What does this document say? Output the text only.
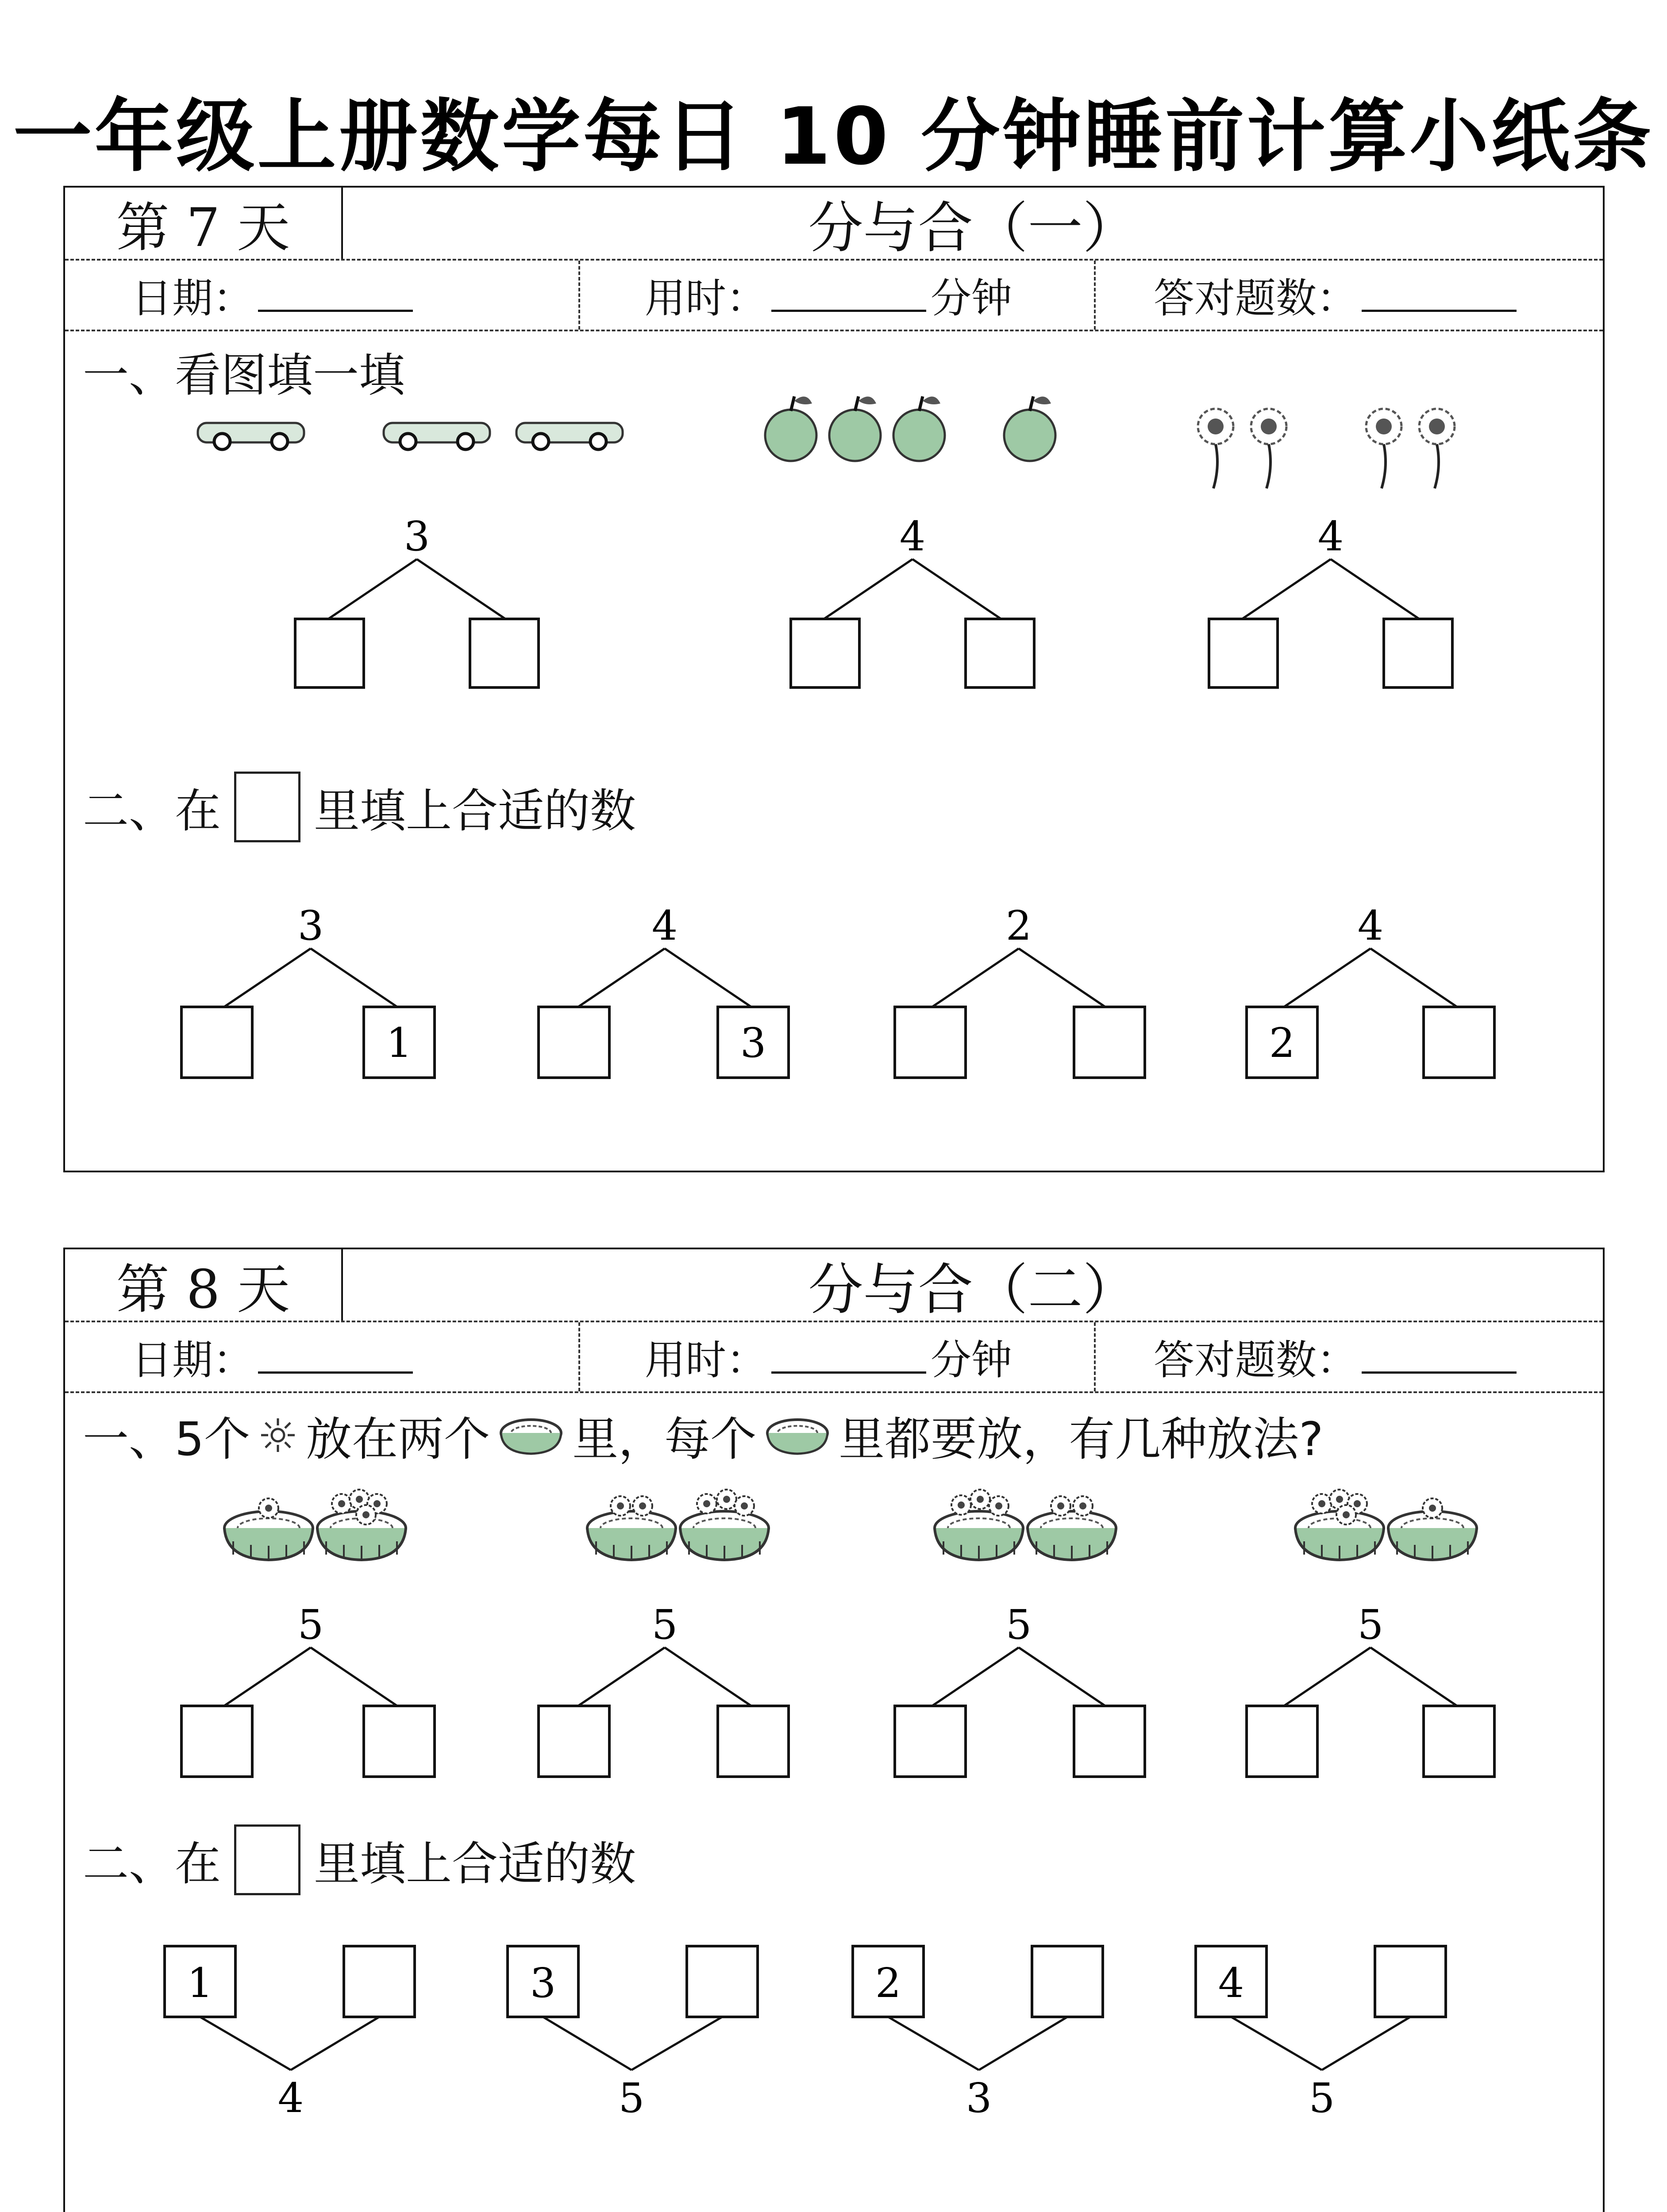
一年级上册数学每日 10 分钟睡前计算小纸条
第 7 天	分与合（一）
日期：	用时：	分钟	答对题数：
一、看图填一填
3	4	4
3
1
4
3
2	4
2
二、在 里填上合适的数
第 8 天	分与合（二）
日期：	用时：	分钟	答对题数：
一、5个 放在两个 里，每个 里都要放，有几种放法?
5	5	5	5
1
4
3
5
2
3
4
5
二、在 里填上合适的数
